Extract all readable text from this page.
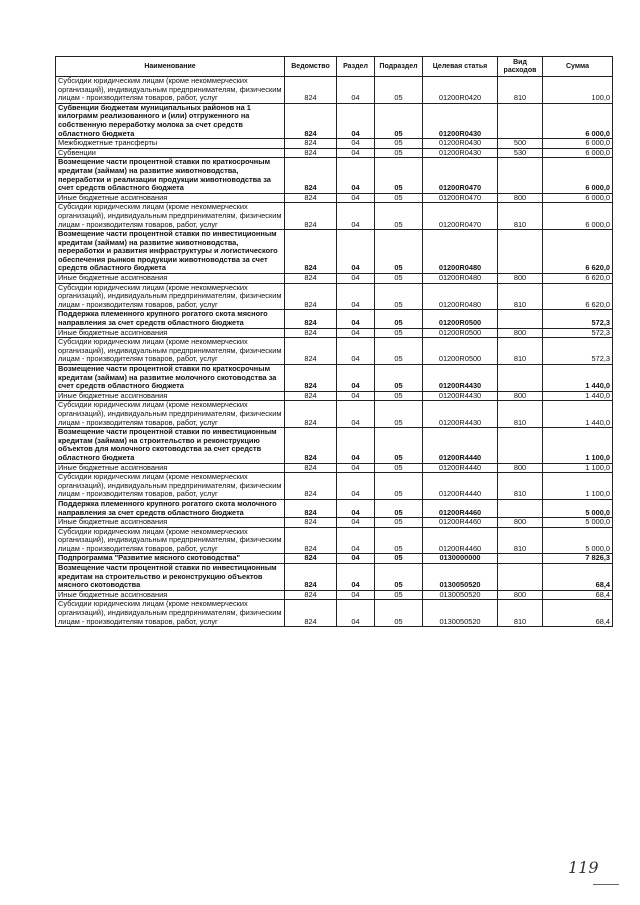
Наименование	Ведомство	Раздел	Подраздел	Целевая статья	Вид расходов	Сумма
Субсидии юридическим лицам (кроме некоммерческих организаций), индивидуальным предпринимателям, физическим лицам - производителям товаров, работ, услуг	824	04	05	01200R0420	810	100,0
Субвенции бюджетам муниципальных районов на 1 килограмм реализованного и (или) отгруженного на собственную переработку молока за счет средств областного бюджета	824	04	05	01200R0430		6 000,0
Межбюджетные трансферты	824	04	05	01200R0430	500	6 000,0
Субвенции	824	04	05	01200R0430	530	6 000,0
Возмещение части процентной ставки по краткосрочным кредитам (займам) на развитие животноводства, переработки и реализации продукции животноводства за счет средств областного бюджета	824	04	05	01200R0470		6 000,0
Иные бюджетные ассигнования	824	04	05	01200R0470	800	6 000,0
Субсидии юридическим лицам (кроме некоммерческих организаций), индивидуальным предпринимателям, физическим лицам - производителям товаров, работ, услуг	824	04	05	01200R0470	810	6 000,0
Возмещение части процентной ставки по инвестиционным кредитам (займам) на развитие животноводства, переработки и развития инфраструктуры и логистического обеспечения рынков продукции животноводства за счет средств областного бюджета	824	04	05	01200R0480		6 620,0
Иные бюджетные ассигнования	824	04	05	01200R0480	800	6 620,0
Субсидии юридическим лицам (кроме некоммерческих организаций), индивидуальным предпринимателям, физическим лицам - производителям товаров, работ, услуг	824	04	05	01200R0480	810	6 620,0
Поддержка племенного крупного рогатого скота мясного направления за счет средств областного бюджета	824	04	05	01200R0500		572,3
Иные бюджетные ассигнования	824	04	05	01200R0500	800	572,3
Субсидии юридическим лицам (кроме некоммерческих организаций), индивидуальным предпринимателям, физическим лицам - производителям товаров, работ, услуг	824	04	05	01200R0500	810	572,3
Возмещение части процентной ставки по краткосрочным кредитам (займам) на развитие молочного скотоводства за счет средств областного бюджета	824	04	05	01200R4430		1 440,0
Иные бюджетные ассигнования	824	04	05	01200R4430	800	1 440,0
Субсидии юридическим лицам (кроме некоммерческих организаций), индивидуальным предпринимателям, физическим лицам - производителям товаров, работ, услуг	824	04	05	01200R4430	810	1 440,0
Возмещение части процентной ставки по инвестиционным кредитам (займам) на строительство и реконструкцию объектов для молочного скотоводства за счет средств областного бюджета	824	04	05	01200R4440		1 100,0
Иные бюджетные ассигнования	824	04	05	01200R4440	800	1 100,0
Субсидии юридическим лицам (кроме некоммерческих организаций), индивидуальным предпринимателям, физическим лицам - производителям товаров, работ, услуг	824	04	05	01200R4440	810	1 100,0
Поддержка племенного крупного рогатого скота молочного направления за счет средств областного бюджета	824	04	05	01200R4460		5 000,0
Иные бюджетные ассигнования	824	04	05	01200R4460	800	5 000,0
Субсидии юридическим лицам (кроме некоммерческих организаций), индивидуальным предпринимателям, физическим лицам - производителям товаров, работ, услуг	824	04	05	01200R4460	810	5 000,0
Подпрограмма "Развитие мясного скотоводства"	824	04	05	0130000000		7 826,3
Возмещение части процентной ставки по инвестиционным кредитам на строительство и реконструкцию объектов мясного скотоводства	824	04	05	0130050520		68,4
Иные бюджетные ассигнования	824	04	05	0130050520	800	68,4
Субсидии юридическим лицам (кроме некоммерческих организаций), индивидуальным предпринимателям, физическим лицам - производителям товаров, работ, услуг	824	04	05	0130050520	810	68,4
119
